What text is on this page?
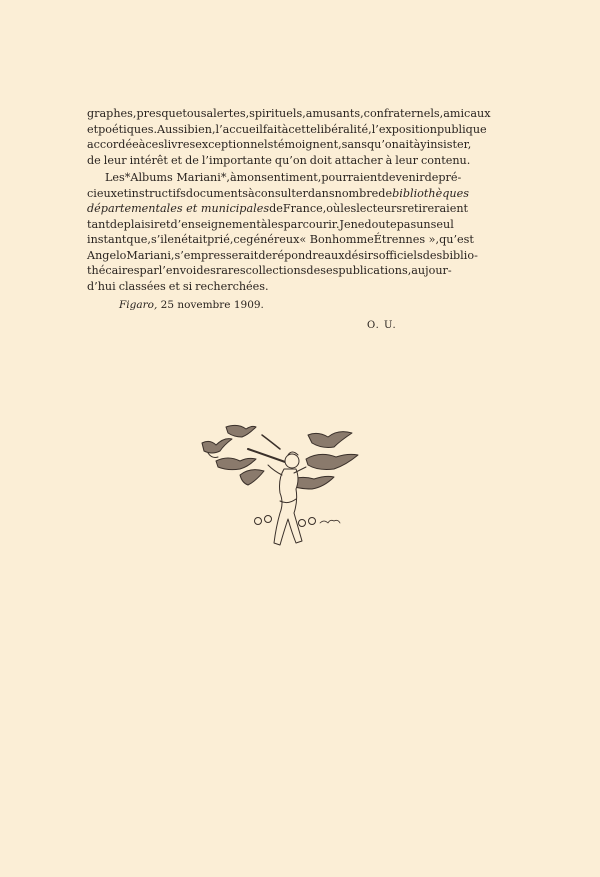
graphes, presque tous alertes, spirituels, amusants, confraternels, amicaux
et poétiques. Aussi bien, l’accueil fait à cette libéralité, l’exposition publique
accordée à ces livres exceptionnels témoignent, sans qu’on ait à y insister,
de leur intérêt et de l’importante qu’on doit attacher à leur contenu.
Les *Albums Mariani*, à mon sentiment, pourraient devenir de pré-
cieux et instructifs documents à consulter dans nombre de bibliothèques
départementales et municipales de France, où les lecteurs retireraient
tant de plaisir et d’enseignement à les parcourir. Je ne doute pas un seul
instant que, s’il en était prié, ce généreux « Bonhomme Étrennes », qu’est
Angelo Mariani, s’empresserait de répondre aux désirs officiels des biblio-
thécaires par l’envoi des rares collections de ses publications, aujour-
d’hui classées et si recherchées.
Figaro, 25 novembre 1909.
O. U.
